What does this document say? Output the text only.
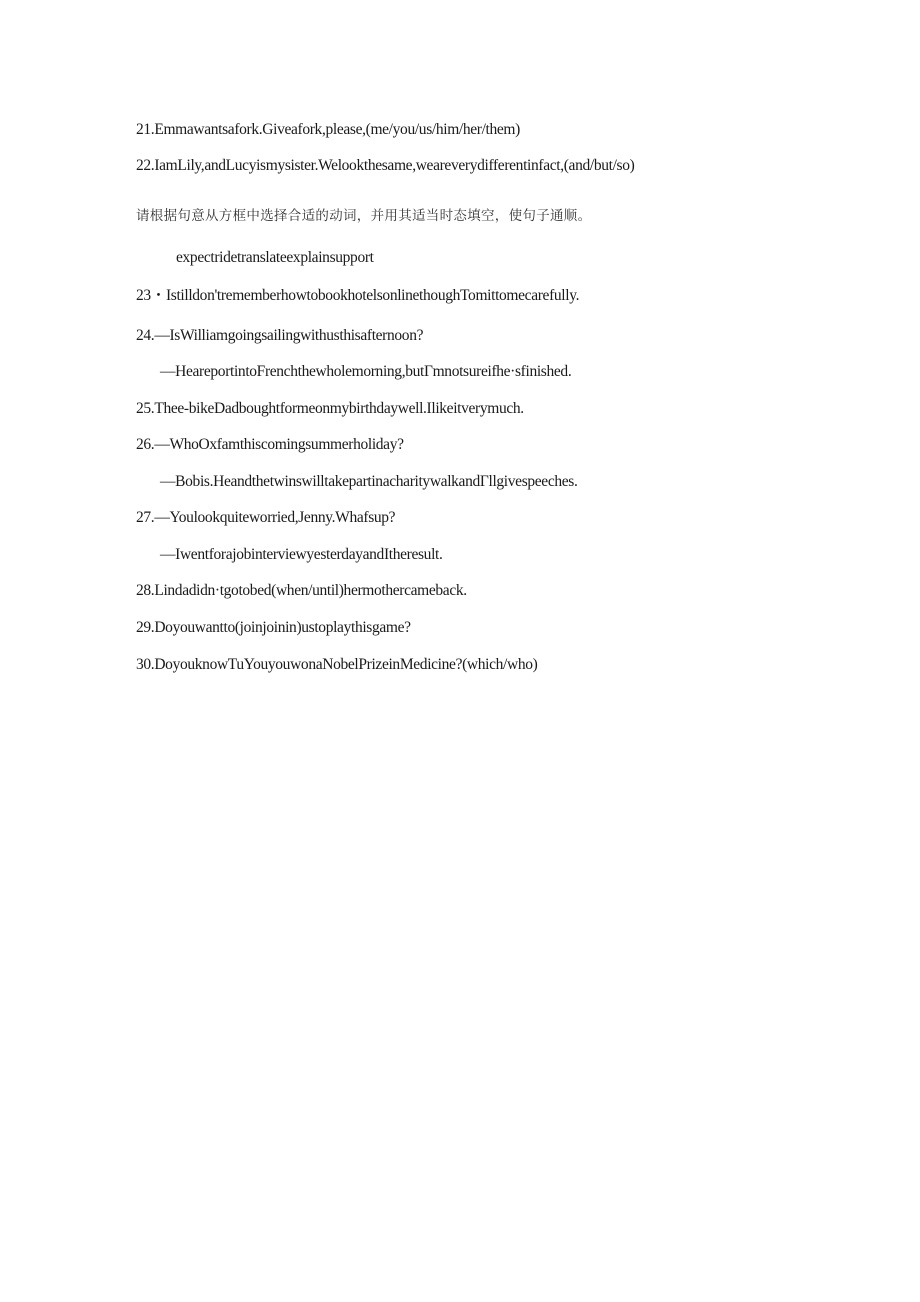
21.Emmawantsafork.Giveafork,please,(me/you/us/him/her/them)
22.IamLily,andLucyismysister.Welookthesame,weareverydifferentinfact,(and/but/so)
请根据句意从方框中选择合适的动词，并用其适当时态填空，使句子通顺。
expectridetranslateexplainsupport
23・Istilldon'trememberhowtobookhotelsonlinethoughTomittomecarefully.
24.—IsWilliamgoingsailingwithusthisafternoon?
—HeareportintoFrenchthewholemorning,butΓmnotsureifhe·sfinished.
25.Thee-bikeDadboughtformeonmybirthdaywell.Ilikeitverymuch.
26.—WhoOxfamthiscomingsummerholiday?
—Bobis.HeandthetwinswilltakepartinacharitywalkandΓllgivespeeches.
27.—Youlookquiteworried,Jenny.Whafsup?
—IwentforajobinterviewyesterdayandItheresult.
28.Lindadidn·tgotobed(when/until)hermothercameback.
29.Doyouwantto(joinjoinin)ustoplaythisgame?
30.DoyouknowTuYouyouwonaNobelPrizeinMedicine?(which/who)
